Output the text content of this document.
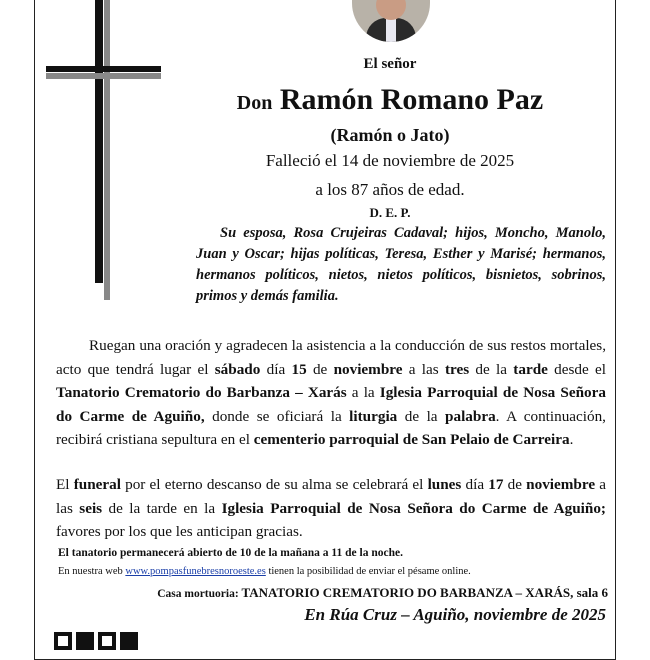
El señor
Don Ramón Romano Paz
(Ramón o Jato)
Falleció el 14 de noviembre de 2025
a los 87 años de edad.
D. E. P.
Su esposa, Rosa Crujeiras Cadaval; hijos, Moncho, Manolo, Juan y Oscar; hijas políticas, Teresa, Esther y Marisé; hermanos, hermanos políticos, nietos, nietos políticos, bisnietos, sobrinos, primos y demás familia.
Ruegan una oración y agradecen la asistencia a la conducción de sus restos mortales, acto que tendrá lugar el sábado día 15 de noviembre a las tres de la tarde desde el Tanatorio Crematorio do Barbanza – Xarás a la Iglesia Parroquial de Nosa Señora do Carme de Aguiño, donde se oficiará la liturgia de la palabra. A continuación, recibirá cristiana sepultura en el cementerio parroquial de San Pelaio de Carreira.
El funeral por el eterno descanso de su alma se celebrará el lunes día 17 de noviembre a las seis de la tarde en la Iglesia Parroquial de Nosa Señora do Carme de Aguiño; favores por los que les anticipan gracias.
El tanatorio permanecerá abierto de 10 de la mañana a 11 de la noche.
En nuestra web www.pompasfunebresnoroeste.es tienen la posibilidad de enviar el pésame online.
Casa mortuoria: TANATORIO CREMATORIO DO BARBANZA – XARÁS, sala 6
En Rúa Cruz – Aguiño, noviembre de 2025
